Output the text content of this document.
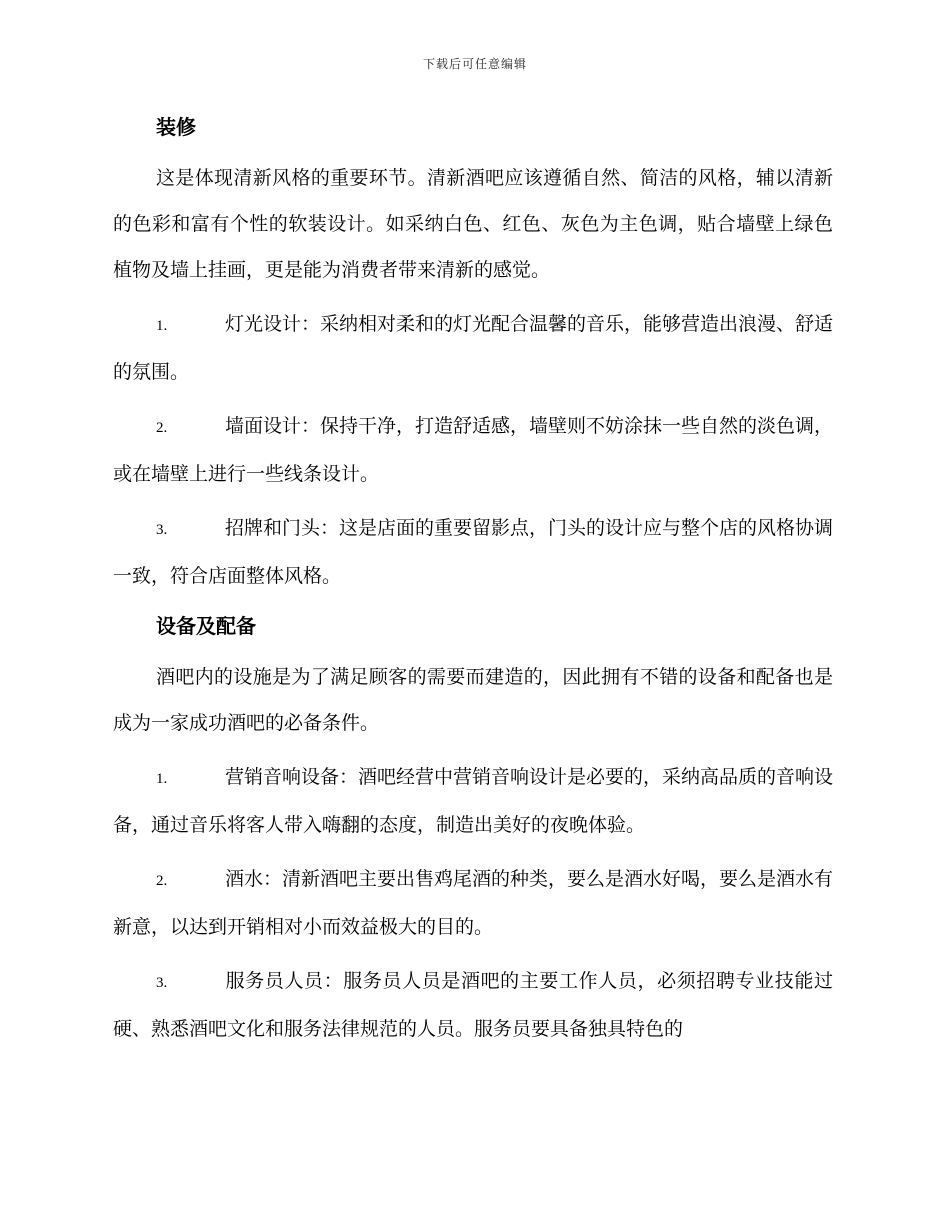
下载后可任意编辑
装修

这是体现清新风格的重要环节。清新酒吧应该遵循自然、简洁的风格，辅以清新的色彩和富有个性的软装设计。如采纳白色、红色、灰色为主色调，贴合墙壁上绿色植物及墙上挂画，更是能为消费者带来清新的感觉。

1.	灯光设计：采纳相对柔和的灯光配合温馨的音乐，能够营造出浪漫、舒适的氛围。

2.	墙面设计：保持干净，打造舒适感，墙壁则不妨涂抹一些自然的淡色调，或在墙壁上进行一些线条设计。

3.	招牌和门头：这是店面的重要留影点，门头的设计应与整个店的风格协调一致，符合店面整体风格。

设备及配备

酒吧内的设施是为了满足顾客的需要而建造的，因此拥有不错的设备和配备也是成为一家成功酒吧的必备条件。

1.	营销音响设备：酒吧经营中营销音响设计是必要的，采纳高品质的音响设备，通过音乐将客人带入嗨翻的态度，制造出美好的夜晚体验。

2.	酒水：清新酒吧主要出售鸡尾酒的种类，要么是酒水好喝，要么是酒水有新意，以达到开销相对小而效益极大的目的。

3.	服务员人员：服务员人员是酒吧的主要工作人员，必须招聘专业技能过硬、熟悉酒吧文化和服务法律规范的人员。服务员要具备独具特色的
